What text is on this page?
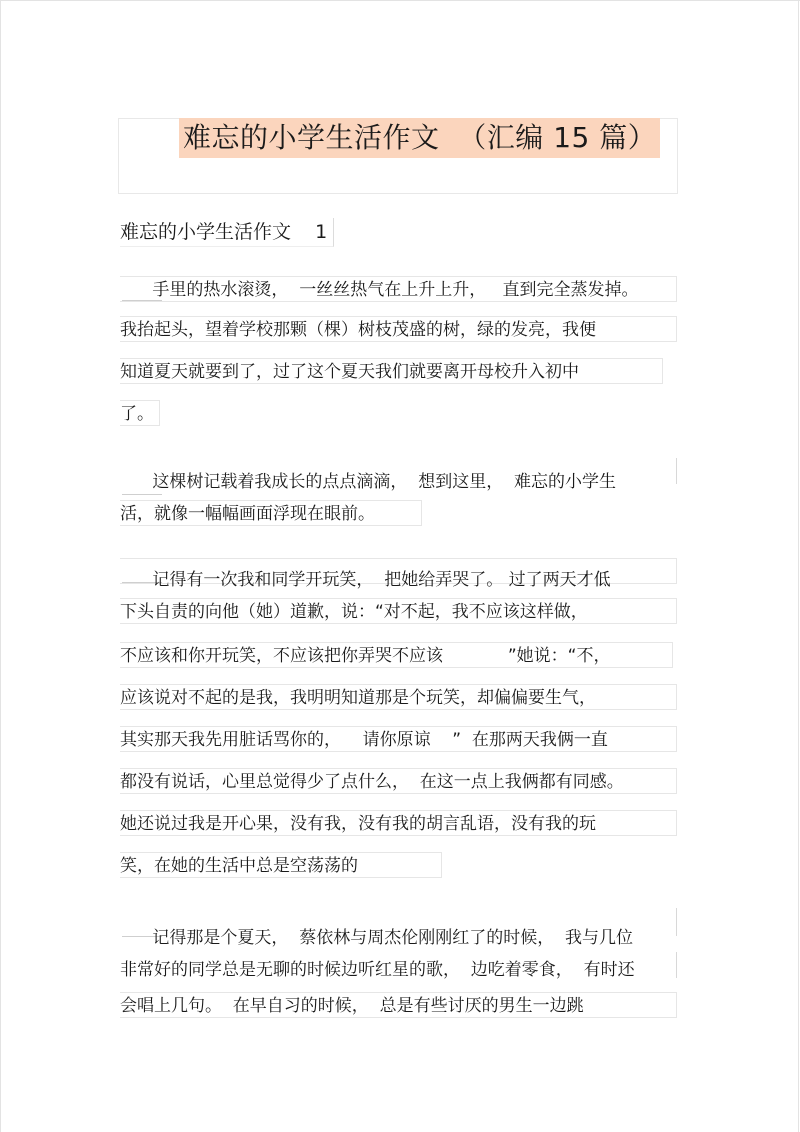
难忘的小学生活作文  （汇编 15 篇）
难忘的小学生活作文    1
手里的热水滚烫，  一丝丝热气在上升上升，   直到完全蒸发掉。
我抬起头，望着学校那颗（棵）树枝茂盛的树，绿的发亮，我便
知道夏天就要到了，过了这个夏天我们就要离开母校升入初中
了。
这棵树记载着我成长的点点滴滴，  想到这里，  难忘的小学生
活，就像一幅幅画面浮现在眼前。
记得有一次我和同学开玩笑，  把她给弄哭了。 过了两天才低
下头自责的向他（她）道歉，说：“对不起，我不应该这样做，
不应该和你开玩笑，不应该把你弄哭不应该            ”她说：“不，
应该说对不起的是我，我明明知道那是个玩笑，却偏偏要生气，
其实那天我先用脏话骂你的，    请你原谅    ”  在那两天我俩一直
都没有说话，心里总觉得少了点什么，  在这一点上我俩都有同感。
她还说过我是开心果，没有我，没有我的胡言乱语，没有我的玩
笑，在她的生活中总是空荡荡的
记得那是个夏天，  蔡依林与周杰伦刚刚红了的时候，  我与几位
非常好的同学总是无聊的时候边听红星的歌，  边吃着零食，  有时还
会唱上几句。  在早自习的时候，  总是有些讨厌的男生一边跳
